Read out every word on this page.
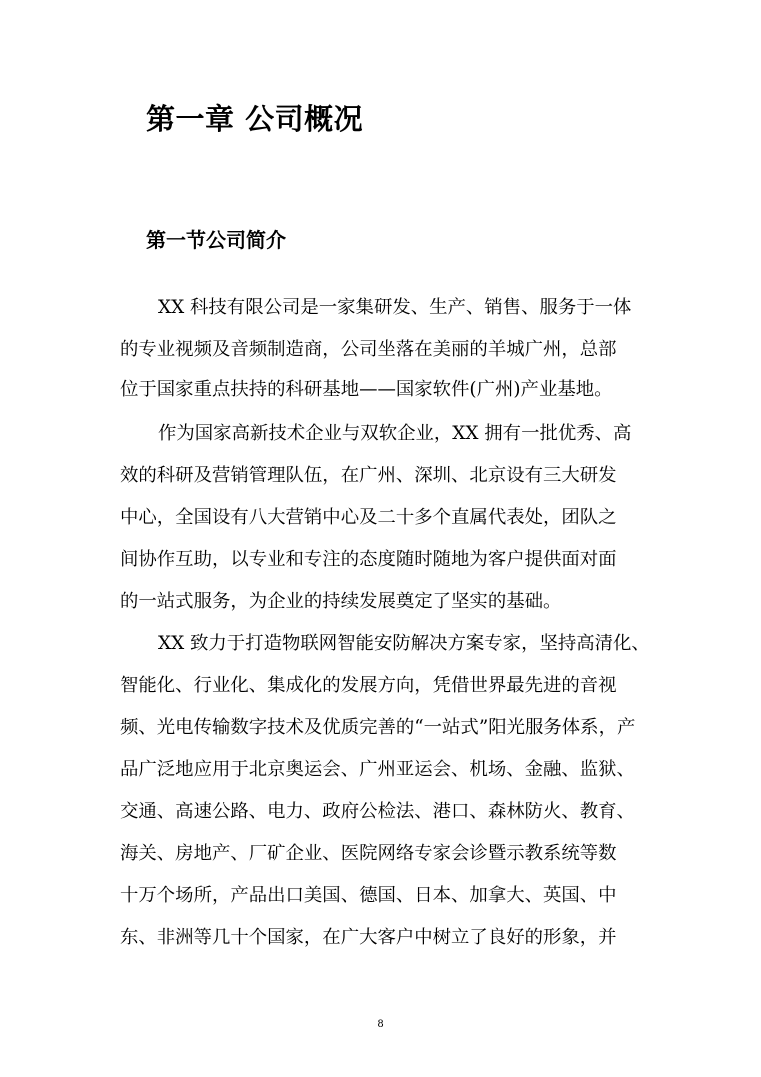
第一章 公司概况
第一节公司简介

XX 科技有限公司是一家集研发、生产、销售、服务于一体

的专业视频及音频制造商，公司坐落在美丽的羊城广州，总部

位于国家重点扶持的科研基地——国家软件(广州)产业基地。

作为国家高新技术企业与双软企业，XX 拥有一批优秀、高

效的科研及营销管理队伍，在广州、深圳、北京设有三大研发

中心，全国设有八大营销中心及二十多个直属代表处，团队之

间协作互助，以专业和专注的态度随时随地为客户提供面对面

的一站式服务，为企业的持续发展奠定了坚实的基础。

XX 致力于打造物联网智能安防解决方案专家，坚持高清化、

智能化、行业化、集成化的发展方向，凭借世界最先进的音视

频、光电传输数字技术及优质完善的“一站式”阳光服务体系，产

品广泛地应用于北京奥运会、广州亚运会、机场、金融、监狱、

交通、高速公路、电力、政府公检法、港口、森林防火、教育、

海关、房地产、厂矿企业、医院网络专家会诊暨示教系统等数

十万个场所，产品出口美国、德国、日本、加拿大、英国、中

东、非洲等几十个国家，在广大客户中树立了良好的形象，并

8
